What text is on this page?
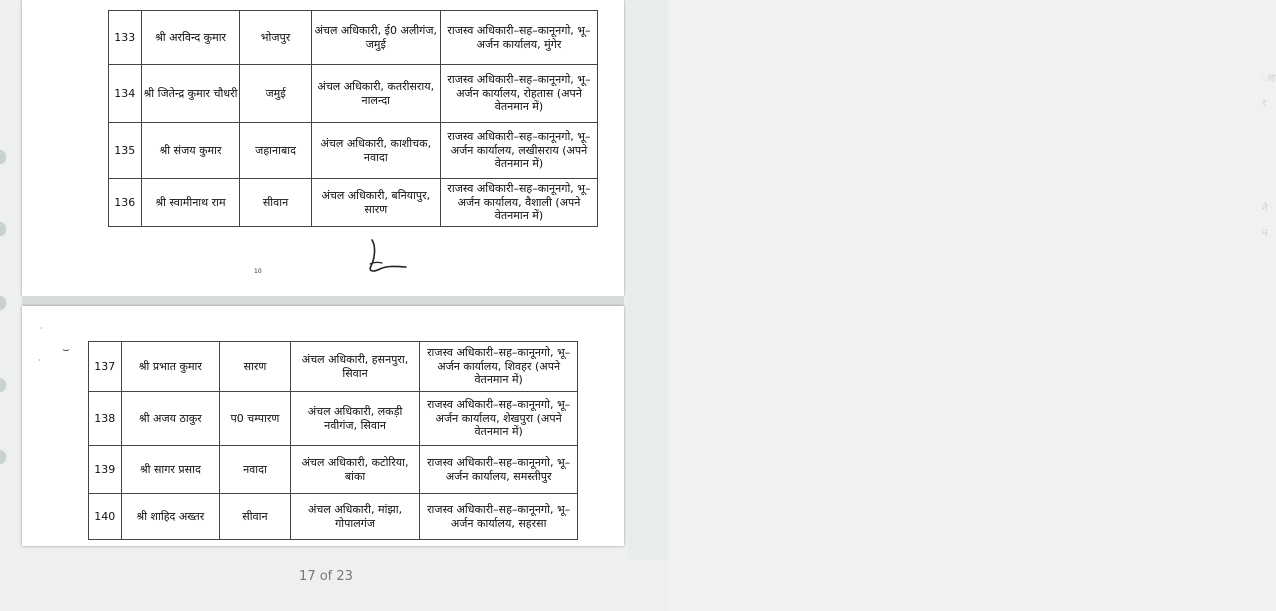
ाह
र
ने
न
133	श्री अरविन्द कुमार	भोजपुर	अंचल अधिकारी, ई0 अलीगंज, जमुई	राजस्व अधिकारी–सह–कानूनगो, भू–अर्जन कार्यालय, मुंगेर
134	श्री जितेन्द्र कुमार चौधरी	जमुई	अंचल अधिकारी, कतरीसराय, नालन्दा	राजस्व अधिकारी–सह–कानूनगो, भू–अर्जन कार्यालय, रोहतास (अपने वेतनमान में)
135	श्री संजय कुमार	जहानाबाद	अंचल अधिकारी, काशीचक, नवादा	राजस्व अधिकारी–सह–कानूनगो, भू–अर्जन कार्यालय, लखीसराय (अपने वेतनमान में)
136	श्री स्वामीनाथ राम	सीवान	अंचल अधिकारी, बनियापुर, सारण	राजस्व अधिकारी–सह–कानूनगो, भू–अर्जन कार्यालय, वैशाली (अपने वेतनमान में)
10
·
⌣
·	137	श्री प्रभात कुमार	सारण	अंचल अधिकारी, हसनपुरा, सिवान	राजस्व अधिकारी–सह–कानूनगो, भू–अर्जन कार्यालय, शिवहर (अपने वेतनमान में)
138	श्री अजय ठाकुर	प0 चम्पारण	अंचल अधिकारी, लकड़ी नवीगंज, सिवान	राजस्व अधिकारी–सह–कानूनगो, भू–अर्जन कार्यालय, शेखपुरा (अपने वेतनमान में)
139	श्री सागर प्रसाद	नवादा	अंचल अधिकारी, कटोरिया, बांका	राजस्व अधिकारी–सह–कानूनगो, भू–अर्जन कार्यालय, समस्तीपुर
140	श्री शाहिद अख्तर	सीवान	अंचल अधिकारी, मांझा, गोपालगंज	राजस्व अधिकारी–सह–कानूनगो, भू–अर्जन कार्यालय, सहरसा
17 of 23
